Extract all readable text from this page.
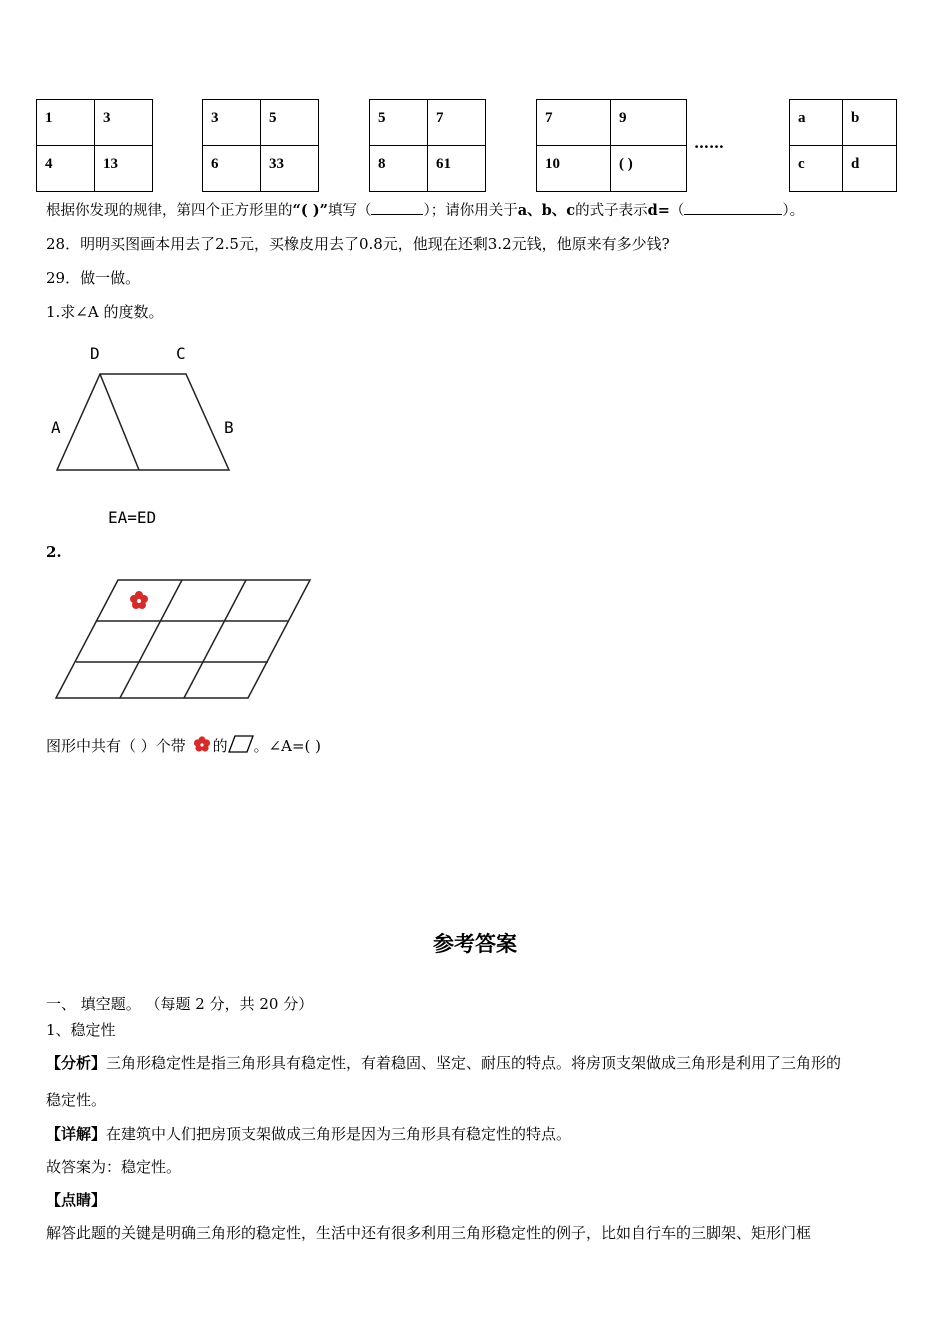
1	3
4	13
3	5
6	33
5	7
8	61
7	9
10	( )
……
a	b
c	d
根据你发现的规律，第四个正方形里的“( )”填写（	）；请你用关于a、b、c的式子表示d=（	）。
28．明明买图画本用去了2.5元，买橡皮用去了0.8元，他现在还剩3.2元钱，他原来有多少钱?
29．做一做。
1.求∠A 的度数。
D	C
A	B
EA=ED
2.
图形中共有（ ）个带 的 。∠A=( )
参考答案
一、 填空题。 （每题 2 分，共 20 分）
1、稳定性
【分析】三角形稳定性是指三角形具有稳定性，有着稳固、坚定、耐压的特点。将房顶支架做成三角形是利用了三角形的
稳定性。
【详解】在建筑中人们把房顶支架做成三角形是因为三角形具有稳定性的特点。
故答案为：稳定性。
【点睛】
解答此题的关键是明确三角形的稳定性，生活中还有很多利用三角形稳定性的例子，比如自行车的三脚架、矩形门框
